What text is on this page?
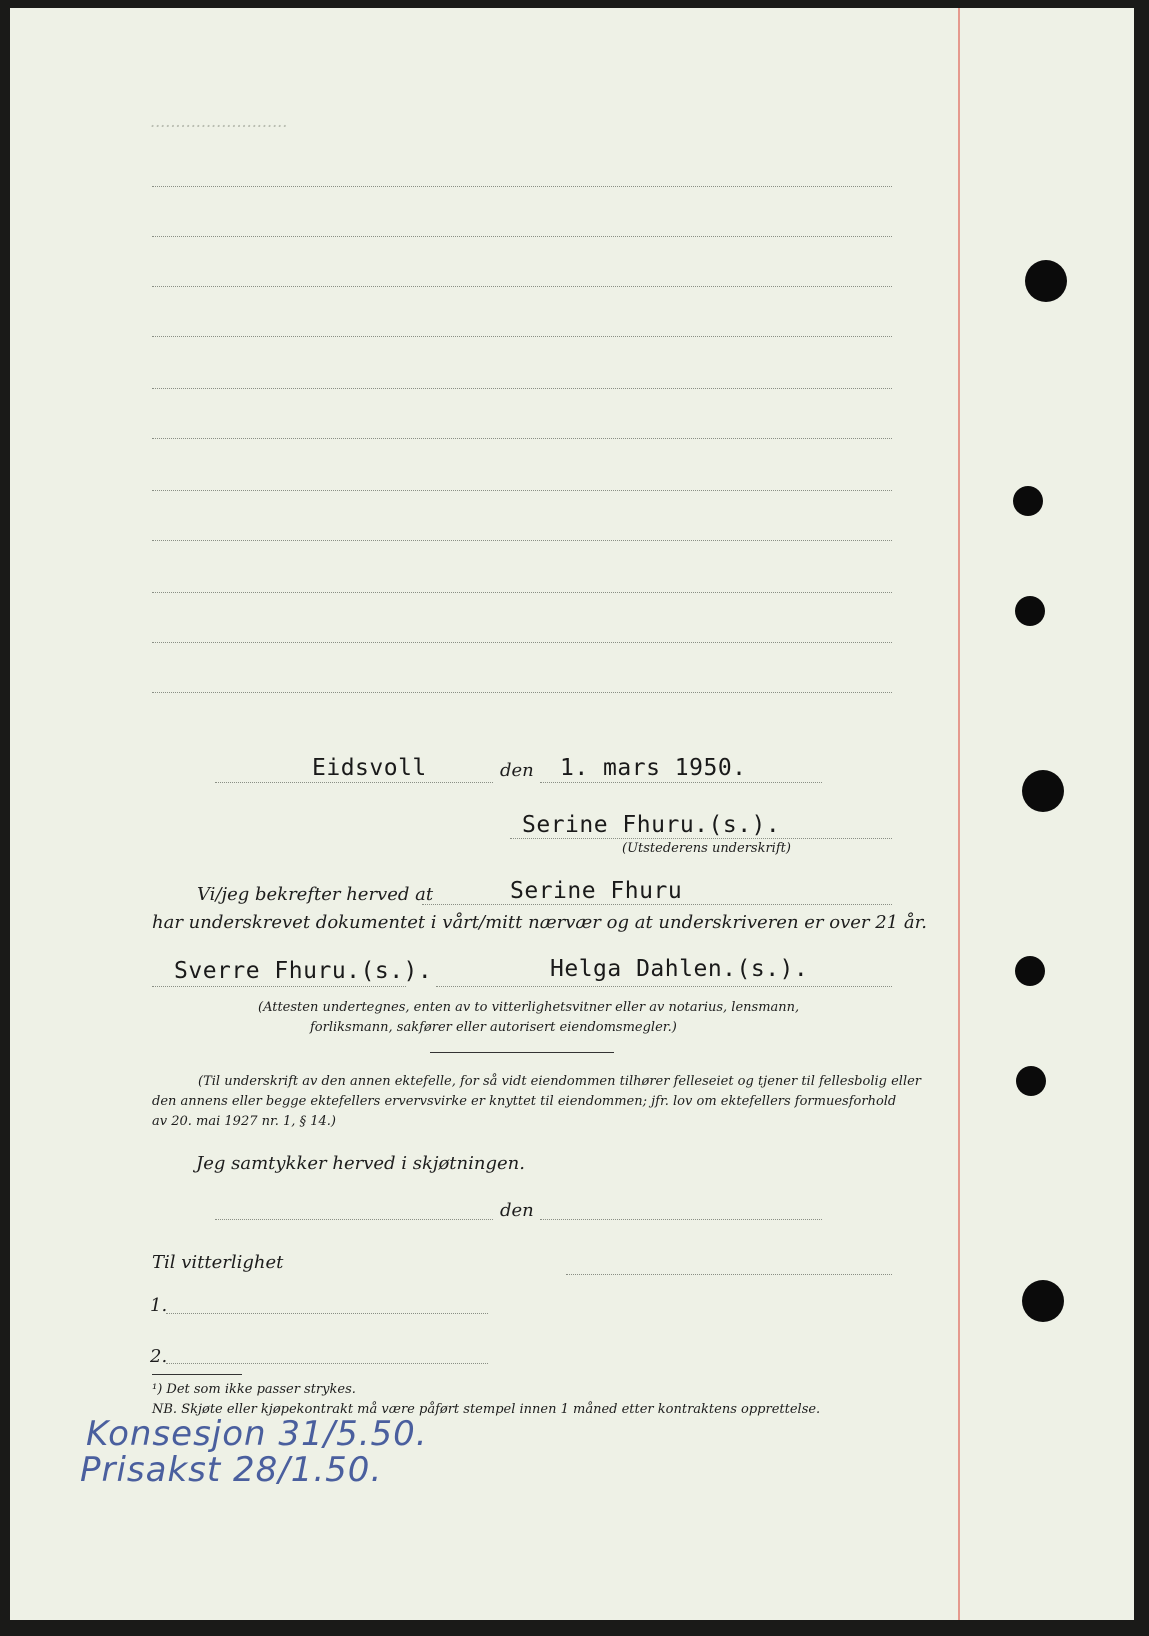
...........................
Eidsvoll	den 1. mars 1950.
Serine Fhuru.(s.).
(Utstederens underskrift)
Vi/jeg bekrefter herved at	Serine Fhuru
har underskrevet dokumentet i vårt/mitt nærvær og at underskriveren er over 21 år.
Sverre Fhuru.(s.).	Helga Dahlen.(s.).
(Attesten undertegnes, enten av to vitterlighetsvitner eller av notarius, lensmann,
forliksmann, sakfører eller autorisert eiendomsmegler.)
(Til underskrift av den annen ektefelle, for så vidt eiendommen tilhører felleseiet og tjener til fellesbolig eller
den annens eller begge ektefellers ervervsvirke er knyttet til eiendommen; jfr. lov om ektefellers formuesforhold
av 20. mai 1927 nr. 1, § 14.)
Jeg samtykker herved i skjøtningen.
den
Til vitterlighet
1.
2.
¹) Det som ikke passer strykes.
NB. Skjøte eller kjøpekontrakt må være påført stempel innen 1 måned etter kontraktens opprettelse.
Konsesjon 31/5.50.
Prisakst 28/1.50.
